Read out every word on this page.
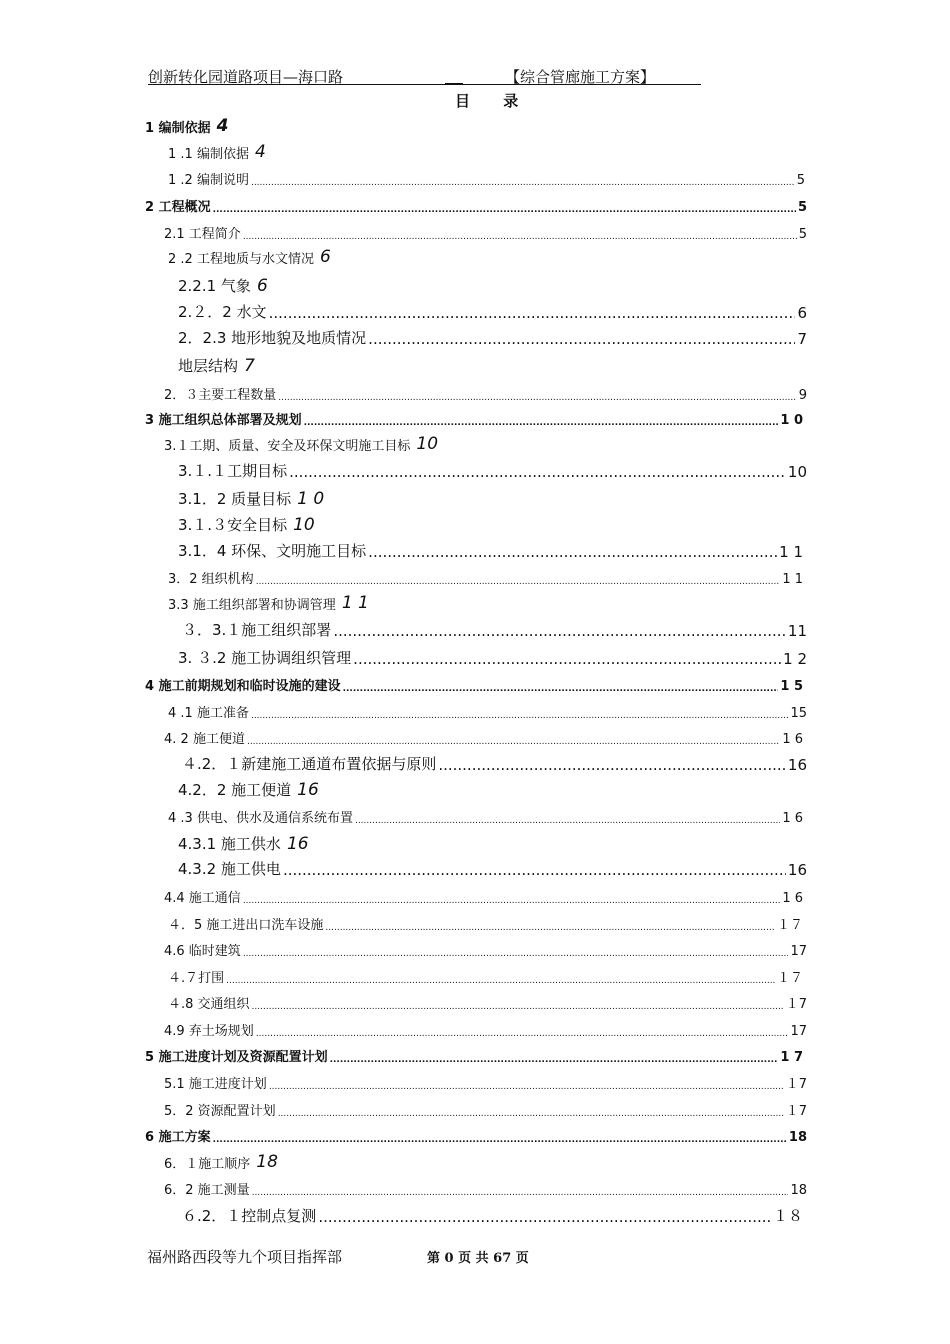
创新转化园道路项目—海口路	【综合管廊施工方案】
目 录
1 编制依据 4
1 .1 编制依据 4
1 .2 编制说明 .....	5
2 工程概况 .....	5
2.1 工程简介 .....	5
2 .2 工程地质与水文情况 6
2.2.1 气象 6
2.２．2 水文 .....	6
2．2.3 地形地貌及地质情况 .....	7
地层结构 7
2．３主要工程数量 .....	9
3 施工组织总体部署及规划 .....	1 0
3.１工期、质量、安全及环保文明施工目标 10
3.１.１工期目标 .....	10
3.1．2 质量目标 1 0
3.１.３安全目标 10
3.1．4 环保、文明施工目标 .....	1 1
3．2 组织机构 .....	1 1
3.3 施工组织部署和协调管理 1 1
３．3.１施工组织部署 .....	11
3. ３.2 施工协调组织管理 .....	1 2
4 施工前期规划和临时设施的建设 .....	1 5
4 .1 施工准备 .....	15
4. 2 施工便道 .....	1 6
４.2．１新建施工通道布置依据与原则 .....	16
4.2．2 施工便道 16
4 .3 供电、供水及通信系统布置 .....	1 6
4.3.1 施工供水 16
4.3.2 施工供电 .....	16
4.4 施工通信 .....	1 6
４．5 施工进出口洗车设施 .....	１７
4.6 临时建筑 .....	17
４.７打围 .....	１７
４.8 交通组织 .....	１7
4.9 弃土场规划 .....	17
5 施工进度计划及资源配置计划 .....	1 7
5.1 施工进度计划 .....	１7
5．2 资源配置计划 .....	１7
6 施工方案 .....	18
6．１施工顺序 18
6．2 施工测量 .....	18
６.2．１控制点复测 .....	１８
福州路西段等九个项目指挥部	第 0 页 共 67 页
